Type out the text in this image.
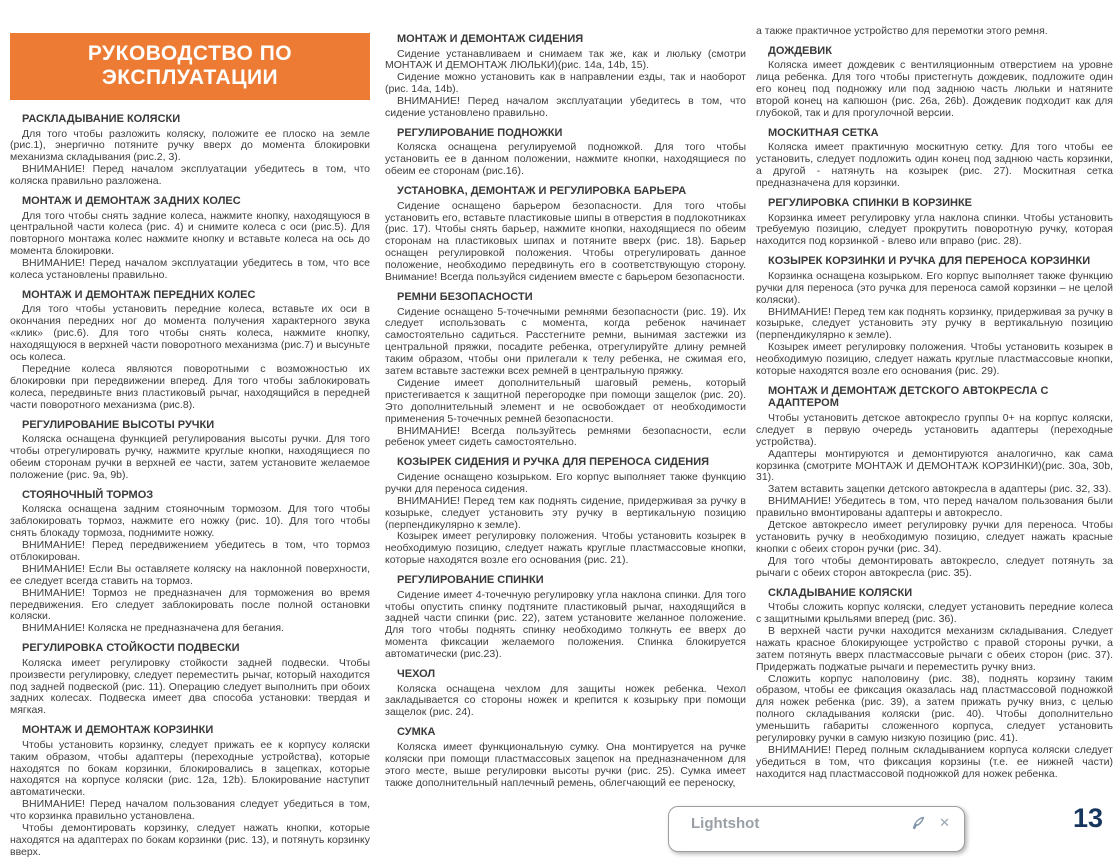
РУКОВОДСТВО ПО ЭКСПЛУАТАЦИИ
РАСКЛАДЫВАНИЕ КОЛЯСКИ

Для того чтобы разложить коляску, положите ее плоско на земле (рис.1), энергично потяните ручку вверх до момента блокировки механизма складывания (рис.2, 3).

ВНИМАНИЕ! Перед началом эксплуатации убедитесь в том, что коляска правильно разложена.

МОНТАЖ И ДЕМОНТАЖ ЗАДНИХ КОЛЕС

Для того чтобы снять задние колеса, нажмите кнопку, находящуюся в центральной части колеса (рис. 4) и снимите колеса с оси (рис.5). Для повторного монтажа колес нажмите кнопку и вставьте колеса на ось до момента блокировки.

ВНИМАНИЕ! Перед началом эксплуатации убедитесь в том, что все колеса установлены правильно.

МОНТАЖ И ДЕМОНТАЖ ПЕРЕДНИХ КОЛЕС

Для того чтобы установить передние колеса, вставьте их оси в окончания передних ног до момента получения характерного звука «клик» (рис.6). Для того чтобы снять колеса, нажмите кнопку, находящуюся в верхней части поворотного механизма (рис.7) и высуньте ось колеса.

Передние колеса являются поворотными с возможностью их блокировки при передвижении вперед. Для того чтобы заблокировать колеса, передвиньте вниз пластиковый рычаг, находящийся в передней части поворотного механизма (рис.8).

РЕГУЛИРОВАНИЕ ВЫСОТЫ РУЧКИ

Коляска оснащена функцией регулирования высоты ручки. Для того чтобы отрегулировать ручку, нажмите круглые кнопки, находящиеся по обеим сторонам ручки в верхней ее части, затем установите желаемое положение (рис. 9a, 9b).

СТОЯНОЧНЫЙ ТОРМОЗ

Коляска оснащена задним стояночным тормозом. Для того чтобы заблокировать тормоз, нажмите его ножку (рис. 10). Для того чтобы снять блокаду тормоза, поднимите ножку.

ВНИМАНИЕ! Перед передвижением убедитесь в том, что тормоз отблокирован.

ВНИМАНИЕ! Если Вы оставляете коляску на наклонной поверхности, ее следует всегда ставить на тормоз.

ВНИМАНИЕ! Тормоз не предназначен для торможения во время передвижения. Его следует заблокировать после полной остановки коляски.

ВНИМАНИЕ! Коляска не предназначена для бегания.

РЕГУЛИРОВКА СТОЙКОСТИ ПОДВЕСКИ

Коляска имеет регулировку стойкости задней подвески. Чтобы произвести регулировку, следует переместить рычаг, который находится под задней подвеской (рис. 11). Операцию следует выполнить при обоих задних колесах. Подвеска имеет два способа установки: твердая и мягкая.

МОНТАЖ И ДЕМОНТАЖ КОРЗИНКИ

Чтобы установить корзинку, следует прижать ее к корпусу коляски таким образом, чтобы адаптеры (переходные устройства), которые находятся по бокам корзинки, блокировались в зацепках, которые находятся на корпусе коляски (рис. 12a, 12b). Блокирование наступит автоматически.

ВНИМАНИЕ! Перед началом пользования следует убедиться в том, что корзинка правильно установлена.

Чтобы демонтировать корзинку, следует нажать кнопки, которые находятся на адаптерах по бокам корзинки (рис. 13), и потянуть корзинку вверх.

МОНТАЖ И ДЕМОНТАЖ СИДЕНИЯ

Сидение устанавливаем и снимаем так же, как и люльку (смотри МОНТАЖ И ДЕМОНТАЖ ЛЮЛЬКИ)(рис. 14a, 14b, 15).

Сидение можно установить как в направлении езды, так и наоборот (рис. 14a, 14b).

ВНИМАНИЕ! Перед началом эксплуатации убедитесь в том, что сидение установлено правильно.

РЕГУЛИРОВАНИЕ ПОДНОЖКИ

Коляска оснащена регулируемой подножкой. Для того чтобы установить ее в данном положении, нажмите кнопки, находящиеся по обеим ее сторонам (рис.16).

УСТАНОВКА, ДЕМОНТАЖ И РЕГУЛИРОВКА БАРЬЕРА

Сидение оснащено барьером безопасности. Для того чтобы установить его, вставьте пластиковые шипы в отверстия в подлокотниках (рис. 17). Чтобы снять барьер, нажмите кнопки, находящиеся по обеим сторонам на пластиковых шипах и потяните вверх (рис. 18). Барьер оснащен регулировкой положения. Чтобы отрегулировать данное положение, необходимо передвинуть его в соответствующую сторону. Внимание! Всегда пользуйся сидением вместе с барьером безопасности.

РЕМНИ БЕЗОПАСНОСТИ

Сидение оснащено 5-точечными ремнями безопасности (рис. 19). Их следует использовать с момента, когда ребенок начинает самостоятельно садиться. Расстегните ремни, вынимая застежки из центральной пряжки, посадите ребенка, отрегулируйте длину ремней таким образом, чтобы они прилегали к телу ребенка, не сжимая его, затем вставьте застежки всех ремней в центральную пряжку.

Сидение имеет дополнительный шаговый ремень, который пристегивается к защитной перегородке при помощи защелок (рис. 20). Это дополнительный элемент и не освобождает от необходимости применения 5-точечных ремней безопасности.

ВНИМАНИЕ! Всегда пользуйтесь ремнями безопасности, если ребенок умеет сидеть самостоятельно.

КОЗЫРЕК СИДЕНИЯ И РУЧКА ДЛЯ ПЕРЕНОСА СИДЕНИЯ

Сидение оснащено козырьком. Его корпус выполняет также функцию ручки для переноса сидения.

ВНИМАНИЕ! Перед тем как поднять сидение, придерживая за ручку в козырьке, следует установить эту ручку в вертикальную позицию (перпендикулярно к земле).

Козырек имеет регулировку положения. Чтобы установить козырек в необходимую позицию, следует нажать круглые пластмассовые кнопки, которые находятся возле его основания (рис. 21).

РЕГУЛИРОВАНИЕ СПИНКИ

Сидение имеет 4-точечную регулировку угла наклона спинки. Для того чтобы опустить спинку подтяните пластиковый рычаг, находящийся в задней части спинки (рис. 22), затем установите желанное положение. Для того чтобы поднять спинку необходимо толкнуть ее вверх до момента фиксации желаемого положения. Спинка блокируется автоматически (рис.23).

ЧЕХОЛ

Коляска оснащена чехлом для защиты ножек ребенка. Чехол закладывается со стороны ножек и крепится к козырьку при помощи защелок (рис. 24).

СУМКА

Коляска имеет функциональную сумку. Она монтируется на ручке коляски при помощи пластмассовых зацепок на предназначенном для этого месте, выше регулировки высоты ручки (рис. 25). Сумка имеет также дополнительный наплечный ремень, облегчающий ее переноску,

а также практичное устройство для перемотки этого ремня.

ДОЖДЕВИК

Коляска имеет дождевик с вентиляционным отверстием на уровне лица ребенка. Для того чтобы пристегнуть дождевик, подложите один его конец под подножку или под заднюю часть люльки и натяните второй конец на капюшон (рис. 26a, 26b). Дождевик подходит как для глубокой, так и для прогулочной версии.

МОСКИТНАЯ СЕТКА

Коляска имеет практичную москитную сетку. Для того чтобы ее установить, следует подложить один конец под заднюю часть корзинки, а другой - натянуть на козырек (рис. 27). Москитная сетка предназначена для корзинки.

РЕГУЛИРОВКА СПИНКИ В КОРЗИНКЕ

Корзинка имеет регулировку угла наклона спинки. Чтобы установить требуемую позицию, следует прокрутить поворотную ручку, которая находится под корзинкой - влево или вправо (рис. 28).

КОЗЫРЕК КОРЗИНКИ И РУЧКА ДЛЯ ПЕРЕНОСА КОРЗИНКИ

Корзинка оснащена козырьком. Его корпус выполняет также функцию ручки для переноса (это ручка для переноса самой корзинки – не целой коляски).

ВНИМАНИЕ! Перед тем как поднять корзинку, придерживая за ручку в козырьке, следует установить эту ручку в вертикальную позицию (перпендикулярно к земле).

Козырек имеет регулировку положения. Чтобы установить козырек в необходимую позицию, следует нажать круглые пластмассовые кнопки, которые находятся возле его основания (рис. 29).

МОНТАЖ И ДЕМОНТАЖ ДЕТСКОГО АВТОКРЕСЛА С АДАПТЕРОМ

Чтобы установить детское автокресло группы 0+ на корпус коляски, следует в первую очередь установить адаптеры (переходные устройства).

Адаптеры монтируются и демонтируются аналогично, как сама корзинка (смотрите МОНТАЖ И ДЕМОНТАЖ КОРЗИНКИ)(рис. 30a, 30b, 31).

Затем вставить зацепки детского автокресла в адаптеры (рис. 32, 33).

ВНИМАНИЕ! Убедитесь в том, что перед началом пользования были правильно вмонтированы адаптеры и автокресло.

Детское автокресло имеет регулировку ручки для переноса. Чтобы установить ручку в необходимую позицию, следует нажать красные кнопки с обеих сторон ручки (рис. 34).

Для того чтобы демонтировать автокресло, следует потянуть за рычаги с обеих сторон автокресла (рис. 35).

СКЛАДЫВАНИЕ КОЛЯСКИ

Чтобы сложить корпус коляски, следует установить передние колеса с защитными крыльями вперед (рис. 36).

В верхней части ручки находится механизм складывания. Следует нажать красное блокирующее устройство с правой стороны ручки, а затем потянуть вверх пластмассовые рычаги с обеих сторон (рис. 37). Придержать поджатые рычаги и переместить ручку вниз.

Сложить корпус наполовину (рис. 38), поднять корзину таким образом, чтобы ее фиксация оказалась над пластмассовой подножкой для ножек ребенка (рис. 39), а затем прижать ручку вниз, с целью полного складывания коляски (рис. 40). Чтобы дополнительно уменьшить габариты сложенного корпуса, следует установить регулировку ручки в самую низкую позицию (рис. 41).

ВНИМАНИЕ! Перед полным складыванием корпуса коляски следует убедиться в том, что фиксация корзины (т.е. ее нижней части) находится над пластмассовой подножкой для ножек ребенка.

Lightshot	✕	13
